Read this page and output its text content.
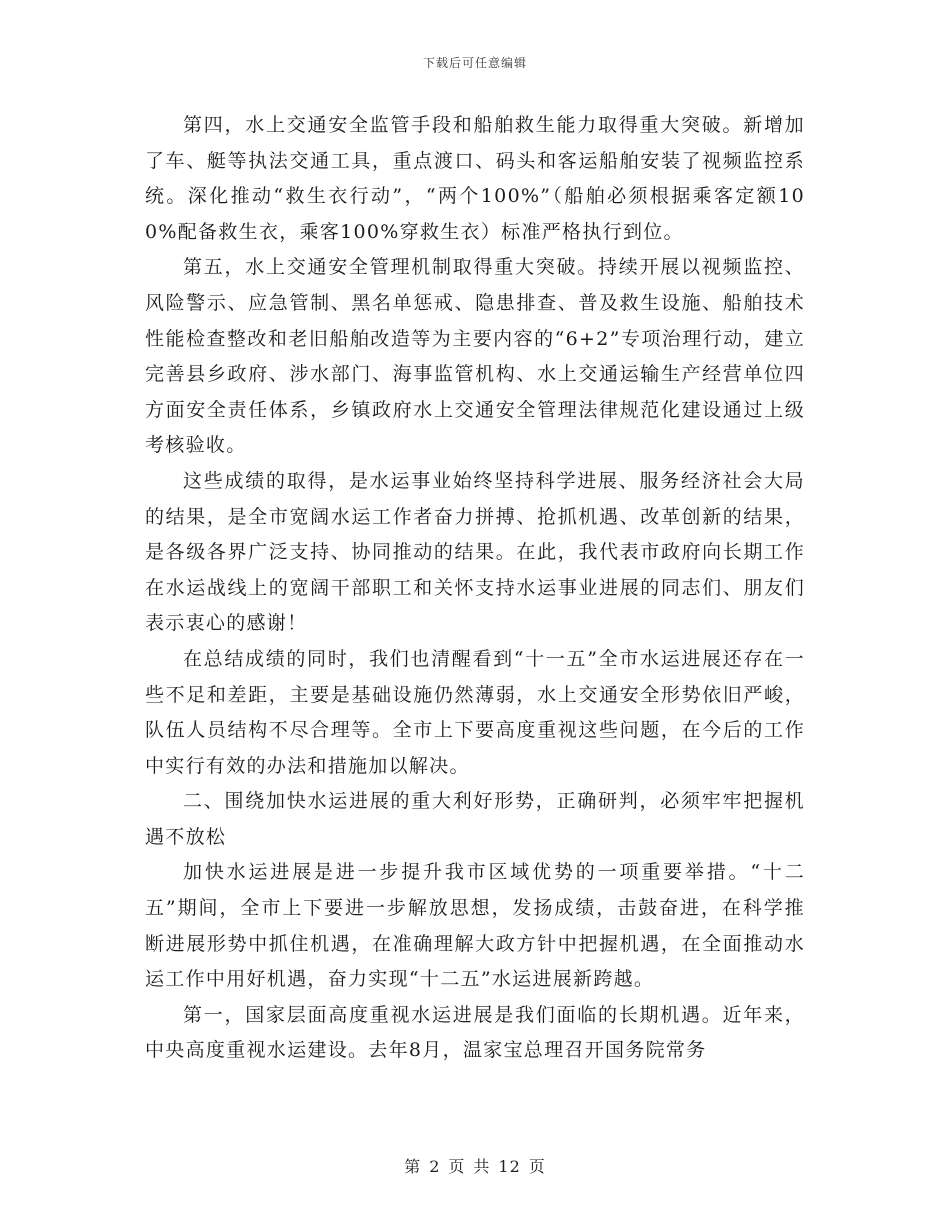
下载后可任意编辑

第四，水上交通安全监管手段和船舶救生能力取得重大突破。新增加了车、艇等执法交通工具，重点渡口、码头和客运船舶安装了视频监控系统。深化推动“救生衣行动”，“两个100%”（船舶必须根据乘客定额100%配备救生衣，乘客100%穿救生衣）标准严格执行到位。

第五，水上交通安全管理机制取得重大突破。持续开展以视频监控、风险警示、应急管制、黑名单惩戒、隐患排查、普及救生设施、船舶技术性能检查整改和老旧船舶改造等为主要内容的“6+2”专项治理行动，建立完善县乡政府、涉水部门、海事监管机构、水上交通运输生产经营单位四方面安全责任体系，乡镇政府水上交通安全管理法律规范化建设通过上级考核验收。

这些成绩的取得，是水运事业始终坚持科学进展、服务经济社会大局的结果，是全市宽阔水运工作者奋力拼搏、抢抓机遇、改革创新的结果，是各级各界广泛支持、协同推动的结果。在此，我代表市政府向长期工作在水运战线上的宽阔干部职工和关怀支持水运事业进展的同志们、朋友们表示衷心的感谢！

在总结成绩的同时，我们也清醒看到“十一五”全市水运进展还存在一些不足和差距，主要是基础设施仍然薄弱，水上交通安全形势依旧严峻，队伍人员结构不尽合理等。全市上下要高度重视这些问题，在今后的工作中实行有效的办法和措施加以解决。

二、围绕加快水运进展的重大利好形势，正确研判，必须牢牢把握机遇不放松

加快水运进展是进一步提升我市区域优势的一项重要举措。“十二五”期间，全市上下要进一步解放思想，发扬成绩，击鼓奋进，在科学推断进展形势中抓住机遇，在准确理解大政方针中把握机遇，在全面推动水运工作中用好机遇，奋力实现“十二五”水运进展新跨越。

第一，国家层面高度重视水运进展是我们面临的长期机遇。近年来，中央高度重视水运建设。去年8月，温家宝总理召开国务院常务

第 2 页 共 12 页
